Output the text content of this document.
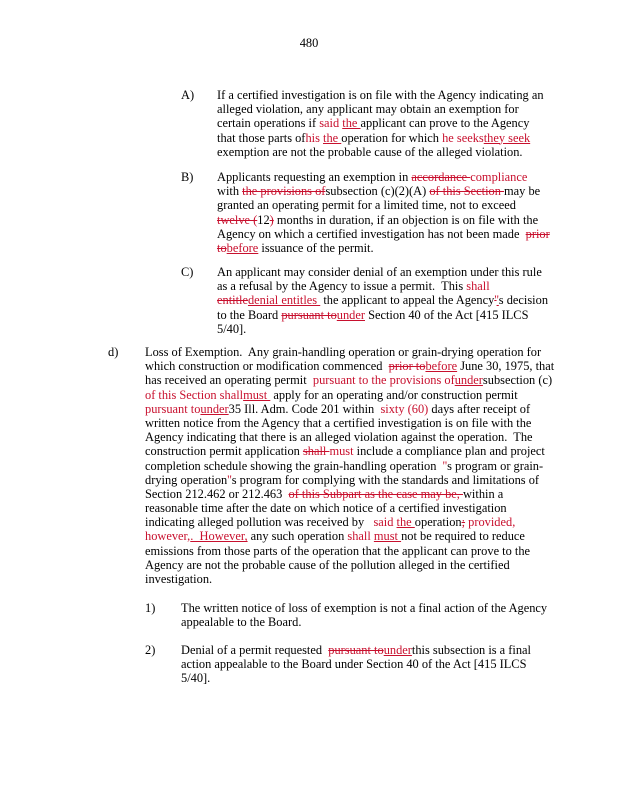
480
A) If a certified investigation is on file with the Agency indicating an
alleged violation, any applicant may obtain an exemption for
certain operations if said the applicant can prove to the Agency
that those parts ofhis the operation for which he seeksthey seek
exemption are not the probable cause of the alleged violation.
B) Applicants requesting an exemption in accordance compliance
with the provisions ofsubsection (c)(2)(A) of this Section may be
granted an operating permit for a limited time, not to exceed
twelve (12) months in duration, if an objection is on file with the
Agency on which a certified investigation has not been made  prior
tobefore issuance of the permit.
C) An applicant may consider denial of an exemption under this rule
as a refusal by the Agency to issue a permit.  This shall
entitledenial entitles  the applicant to appeal the Agency''s decision
to the Board pursuant tounder Section 40 of the Act [415 ILCS
5/40].
d) Loss of Exemption.  Any grain-handling operation or grain-drying operation for
which construction or modification commenced  prior tobefore June 30, 1975, that
has received an operating permit  pursuant to the provisions ofundersubsection (c)
of this Section shallmust  apply for an operating and/or construction permit
pursuant tounder35 Ill. Adm. Code 201 within  sixty (60) days after receipt of
written notice from the Agency that a certified investigation is on file with the
Agency indicating that there is an alleged violation against the operation.  The
construction permit application shall must include a compliance plan and project
completion schedule showing the grain-handling operation  ''s program or grain-
drying operation''s program for complying with the standards and limitations of
Section 212.462 or 212.463  of this Subpart as the case may be, within a
reasonable time after the date on which notice of a certified investigation
indicating alleged pollution was received by   said the operation; provided,
however,.  However, any such operation shall must not be required to reduce
emissions from those parts of the operation that the applicant can prove to the
Agency are not the probable cause of the pollution alleged in the certified
investigation.
1) The written notice of loss of exemption is not a final action of the Agency
appealable to the Board.
2) Denial of a permit requested  pursuant tounderthis subsection is a final
action appealable to the Board under Section 40 of the Act [415 ILCS
5/40].
